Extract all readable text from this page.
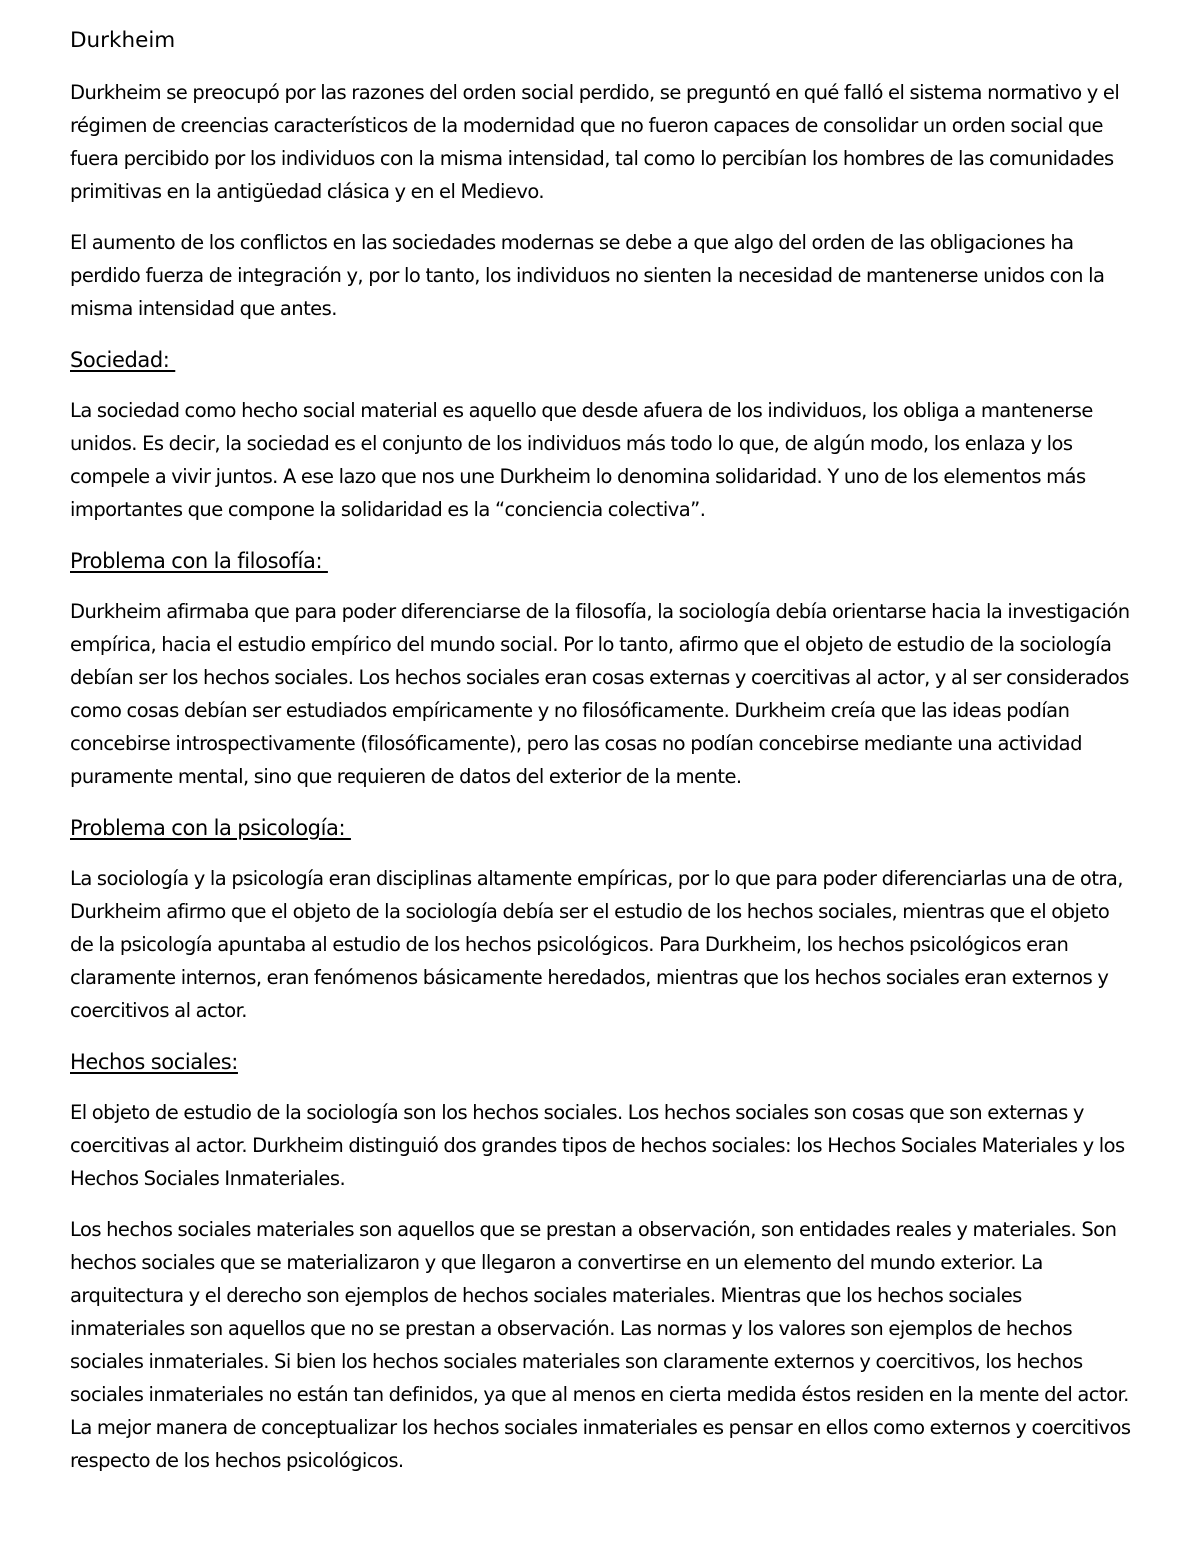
Durkheim

Durkheim se preocupó por las razones del orden social perdido, se preguntó en qué falló el sistema normativo y el régimen de creencias característicos de la modernidad que no fueron capaces de consolidar un orden social que fuera percibido por los individuos con la misma intensidad, tal como lo percibían los hombres de las comunidades primitivas en la antigüedad clásica y en el Medievo.

El aumento de los conflictos en las sociedades modernas se debe a que algo del orden de las obligaciones ha perdido fuerza de integración y, por lo tanto, los individuos no sienten la necesidad de mantenerse unidos con la misma intensidad que antes.

Sociedad:

La sociedad como hecho social material es aquello que desde afuera de los individuos, los obliga a mantenerse unidos. Es decir, la sociedad es el conjunto de los individuos más todo lo que, de algún modo, los enlaza y los compele a vivir juntos. A ese lazo que nos une Durkheim lo denomina solidaridad. Y uno de los elementos más importantes que compone la solidaridad es la “conciencia colectiva”.

Problema con la filosofía:

Durkheim afirmaba que para poder diferenciarse de la filosofía, la sociología debía orientarse hacia la investigación empírica, hacia el estudio empírico del mundo social. Por lo tanto, afirmo que el objeto de estudio de la sociología debían ser los hechos sociales. Los hechos sociales eran cosas externas y coercitivas al actor, y al ser considerados como cosas debían ser estudiados empíricamente y no filosóficamente. Durkheim creía que las ideas podían concebirse introspectivamente (filosóficamente), pero las cosas no podían concebirse mediante una actividad puramente mental, sino que requieren de datos del exterior de la mente.

Problema con la psicología:

La sociología y la psicología eran disciplinas altamente empíricas, por lo que para poder diferenciarlas una de otra, Durkheim afirmo que el objeto de la sociología debía ser el estudio de los hechos sociales, mientras que el objeto de la psicología apuntaba al estudio de los hechos psicológicos. Para Durkheim, los hechos psicológicos eran claramente internos, eran fenómenos básicamente heredados, mientras que los hechos sociales eran externos y coercitivos al actor.

Hechos sociales:

El objeto de estudio de la sociología son los hechos sociales. Los hechos sociales son cosas que son externas y coercitivas al actor. Durkheim distinguió dos grandes tipos de hechos sociales: los Hechos Sociales Materiales y los Hechos Sociales Inmateriales.

Los hechos sociales materiales son aquellos que se prestan a observación, son entidades reales y materiales. Son hechos sociales que se materializaron y que llegaron a convertirse en un elemento del mundo exterior. La arquitectura y el derecho son ejemplos de hechos sociales materiales. Mientras que los hechos sociales inmateriales son aquellos que no se prestan a observación. Las normas y los valores son ejemplos de hechos sociales inmateriales. Si bien los hechos sociales materiales son claramente externos y coercitivos, los hechos sociales inmateriales no están tan definidos, ya que al menos en cierta medida éstos residen en la mente del actor. La mejor manera de conceptualizar los hechos sociales inmateriales es pensar en ellos como externos y coercitivos respecto de los hechos psicológicos.
